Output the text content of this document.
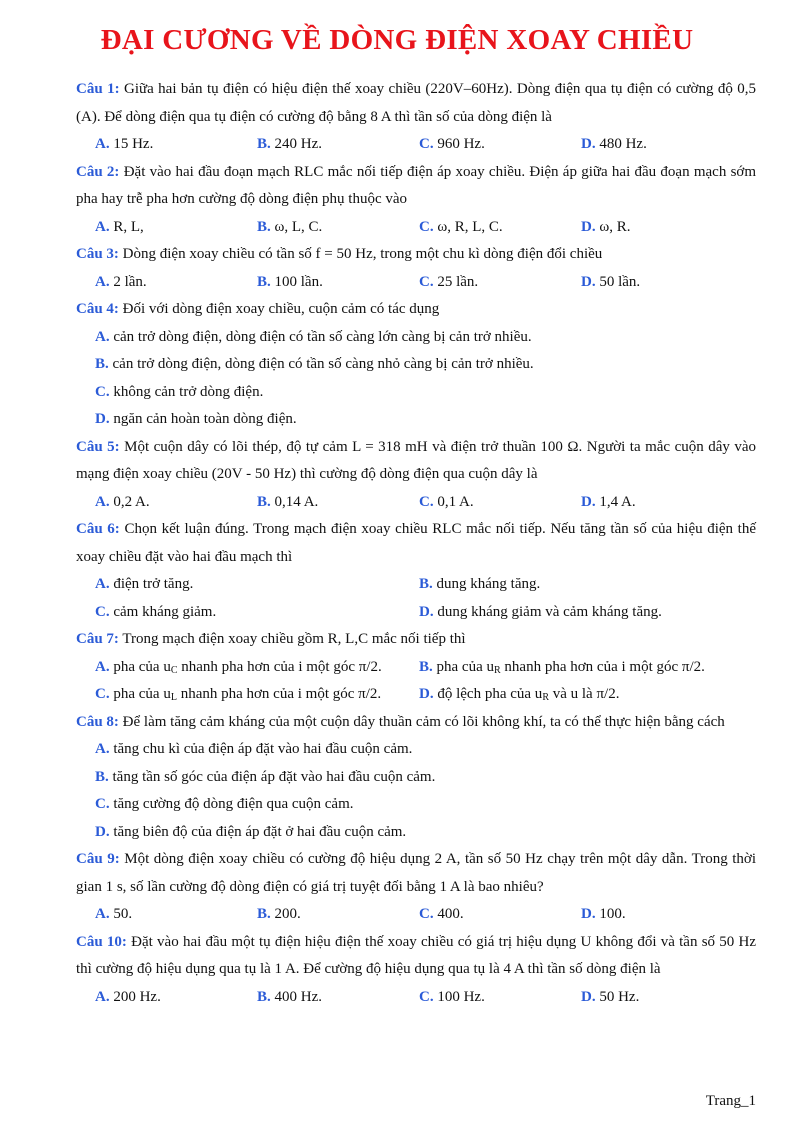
ĐẠI CƯƠNG VỀ DÒNG ĐIỆN XOAY CHIỀU
Câu 1: Giữa hai bản tụ điện có hiệu điện thế xoay chiều (220V–60Hz). Dòng điện qua tụ điện có cường độ 0,5 (A). Để dòng điện qua tụ điện có cường độ bằng 8 A thì tần số của dòng điện là
A. 15 Hz.	B. 240 Hz.	C. 960 Hz.	D. 480 Hz.
Câu 2: Đặt vào hai đầu đoạn mạch RLC mắc nối tiếp điện áp xoay chiều. Điện áp giữa hai đầu đoạn mạch sớm pha hay trễ pha hơn cường độ dòng điện phụ thuộc vào
A. R, L,	B. ω, L, C.	C. ω, R, L, C.	D. ω, R.
Câu 3: Dòng điện xoay chiều có tần số f = 50 Hz, trong một chu kì dòng điện đổi chiều
A. 2 lần.	B. 100 lần.	C. 25 lần.	D. 50 lần.
Câu 4: Đối với dòng điện xoay chiều, cuộn cảm có tác dụng
A. cản trở dòng điện, dòng điện có tần số càng lớn càng bị cản trở nhiều.
B. cản trở dòng điện, dòng điện có tần số càng nhỏ càng bị cản trở nhiều.
C. không cản trở dòng điện.
D. ngăn cản hoàn toàn dòng điện.
Câu 5: Một cuộn dây có lõi thép, độ tự cảm L = 318 mH và điện trở thuần 100 Ω. Người ta mắc cuộn dây vào mạng điện xoay chiều (20V - 50 Hz) thì cường độ dòng điện qua cuộn dây là
A. 0,2 A.	B. 0,14 A.	C. 0,1 A.	D. 1,4 A.
Câu 6: Chọn kết luận đúng. Trong mạch điện xoay chiều RLC mắc nối tiếp. Nếu tăng tần số của hiệu điện thế xoay chiều đặt vào hai đầu mạch thì
A. điện trở tăng.	B. dung kháng tăng.
C. cảm kháng giảm.	D. dung kháng giảm và cảm kháng tăng.
Câu 7: Trong mạch điện xoay chiều gồm R, L,C mắc nối tiếp thì
A. pha của $u_C$ nhanh pha hơn của i một góc π/2.	B. pha của $u_R$ nhanh pha hơn của i một góc π/2.
C. pha của $u_L$ nhanh pha hơn của i một góc π/2.	D. độ lệch pha của $u_R$ và u là π/2.
Câu 8: Để làm tăng cảm kháng của một cuộn dây thuần cảm có lõi không khí, ta có thể thực hiện bằng cách
A. tăng chu kì của điện áp đặt vào hai đầu cuộn cảm.
B. tăng tần số góc của điện áp đặt vào hai đầu cuộn cảm.
C. tăng cường độ dòng điện qua cuộn cảm.
D. tăng biên độ của điện áp đặt ở hai đầu cuộn cảm.
Câu 9: Một dòng điện xoay chiều có cường độ hiệu dụng 2 A, tần số 50 Hz chạy trên một dây dẫn. Trong thời gian 1 s, số lần cường độ dòng điện có giá trị tuyệt đối bằng 1 A là bao nhiêu?
A. 50.	B. 200.	C. 400.	D. 100.
Câu 10: Đặt vào hai đầu một tụ điện hiệu điện thế xoay chiều có giá trị hiệu dụng U không đổi và tần số 50 Hz thì cường độ hiệu dụng qua tụ là 1 A. Để cường độ hiệu dụng qua tụ là 4 A thì tần số dòng điện là
A. 200 Hz.	B. 400 Hz.	C. 100 Hz.	D. 50 Hz.
Trang_1
